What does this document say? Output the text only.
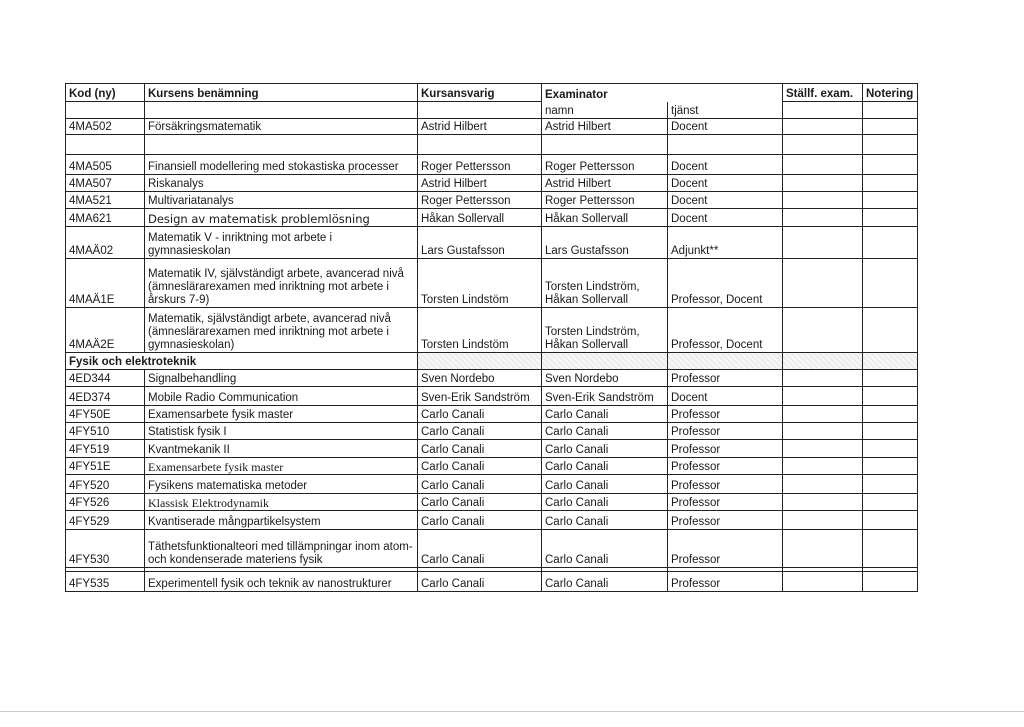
Kod (ny)	Kursens benämning	Kursansvarig	Examinator		Ställf. exam.	Notering
			namn	tjänst		
4MA502	Försäkringsmatematik	Astrid Hilbert	Astrid Hilbert	Docent		

4MA505	Finansiell modellering med stokastiska processer	Roger Pettersson	Roger Pettersson	Docent		
4MA507	Riskanalys	Astrid Hilbert	Astrid Hilbert	Docent		
4MA521	Multivariatanalys	Roger Pettersson	Roger Pettersson	Docent		
4MA621	Design av matematisk problemlösning	Håkan Sollervall	Håkan Sollervall	Docent		
4MAÄ02	Matematik V - inriktning mot arbete i gymnasieskolan	Lars Gustafsson	Lars Gustafsson	Adjunkt**		
4MAÄ1E	Matematik IV, självständigt arbete, avancerad nivå (ämneslärarexamen med inriktning mot arbete i årskurs 7-9)	Torsten Lindstöm	Torsten Lindström, Håkan Sollervall	Professor, Docent		
4MAÄ2E	Matematik, självständigt arbete, avancerad nivå (ämneslärarexamen med inriktning mot arbete i gymnasieskolan)	Torsten Lindstöm	Torsten Lindström, Håkan Sollervall	Professor, Docent		
Fysik och elektroteknik						
4ED344	Signalbehandling	Sven Nordebo	Sven Nordebo	Professor		
4ED374	Mobile Radio Communication	Sven-Erik Sandström	Sven-Erik Sandström	Docent		
4FY50E	Examensarbete fysik master	Carlo Canali	Carlo Canali	Professor		
4FY510	Statistisk fysik I	Carlo Canali	Carlo Canali	Professor		
4FY519	Kvantmekanik II	Carlo Canali	Carlo Canali	Professor		
4FY51E	Examensarbete fysik master	Carlo Canali	Carlo Canali	Professor		
4FY520	Fysikens matematiska metoder	Carlo Canali	Carlo Canali	Professor		
4FY526	Klassisk Elektrodynamik	Carlo Canali	Carlo Canali	Professor		
4FY529	Kvantiserade mångpartikelsystem	Carlo Canali	Carlo Canali	Professor		

4FY530	Täthetsfunktionalteori med tillämpningar inom atom- och kondenserade materiens fysik	Carlo Canali	Carlo Canali	Professor		

4FY535	Experimentell fysik och teknik av nanostrukturer	Carlo Canali	Carlo Canali	Professor		
